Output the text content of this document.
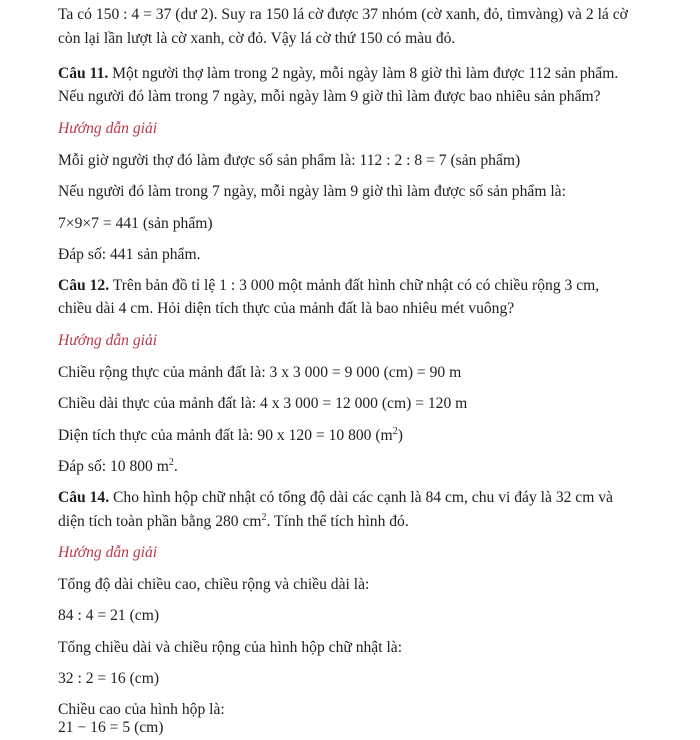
Ta có 150 : 4 = 37 (dư 2). Suy ra 150 lá cờ được 37 nhóm (cờ xanh, đỏ, tìmvàng) và 2 lá cờ
còn lại lần lượt là cờ xanh, cờ đỏ. Vậy lá cờ thứ 150 có màu đỏ.
Câu 11. Một người thợ làm trong 2 ngày, mỗi ngày làm 8 giờ thì làm được 112 sản phẩm.
Nếu người đó làm trong 7 ngày, mỗi ngày làm 9 giờ thì làm được bao nhiêu sản phẩm?
Hướng dẫn giải
Mỗi giờ người thợ đó làm được số sản phẩm là: 112 : 2 : 8 = 7 (sản phẩm)
Nếu người đó làm trong 7 ngày, mỗi ngày làm 9 giờ thì làm được số sản phẩm là:
7×9×7 = 441 (sản phẩm)
Đáp số: 441 sản phẩm.
Câu 12. Trên bản đồ tỉ lệ 1 : 3 000 một mảnh đất hình chữ nhật có có chiều rộng 3 cm,
chiều dài 4 cm. Hỏi diện tích thực của mảnh đất là bao nhiêu mét vuông?
Hướng dẫn giải
Chiều rộng thực của mảnh đất là: 3 x 3 000 = 9 000 (cm) = 90 m
Chiều dài thực của mảnh đất là: 4 x 3 000 = 12 000 (cm) = 120 m
Diện tích thực của mảnh đất là: 90 x 120 = 10 800 $(m^2)$
Đáp số: 10 800 $m^2$.
Câu 14. Cho hình hộp chữ nhật có tổng độ dài các cạnh là 84 cm, chu vi đáy là 32 cm và
diện tích toàn phần bằng 280 $cm^2$. Tính thể tích hình đó.
Hướng dẫn giải
Tổng độ dài chiều cao, chiều rộng và chiều dài là:
84 : 4 = 21 (cm)
Tổng chiều dài và chiều rộng của hình hộp chữ nhật là:
32 : 2 = 16 (cm)
Chiều cao của hình hộp là:
21 − 16 = 5 (cm)
